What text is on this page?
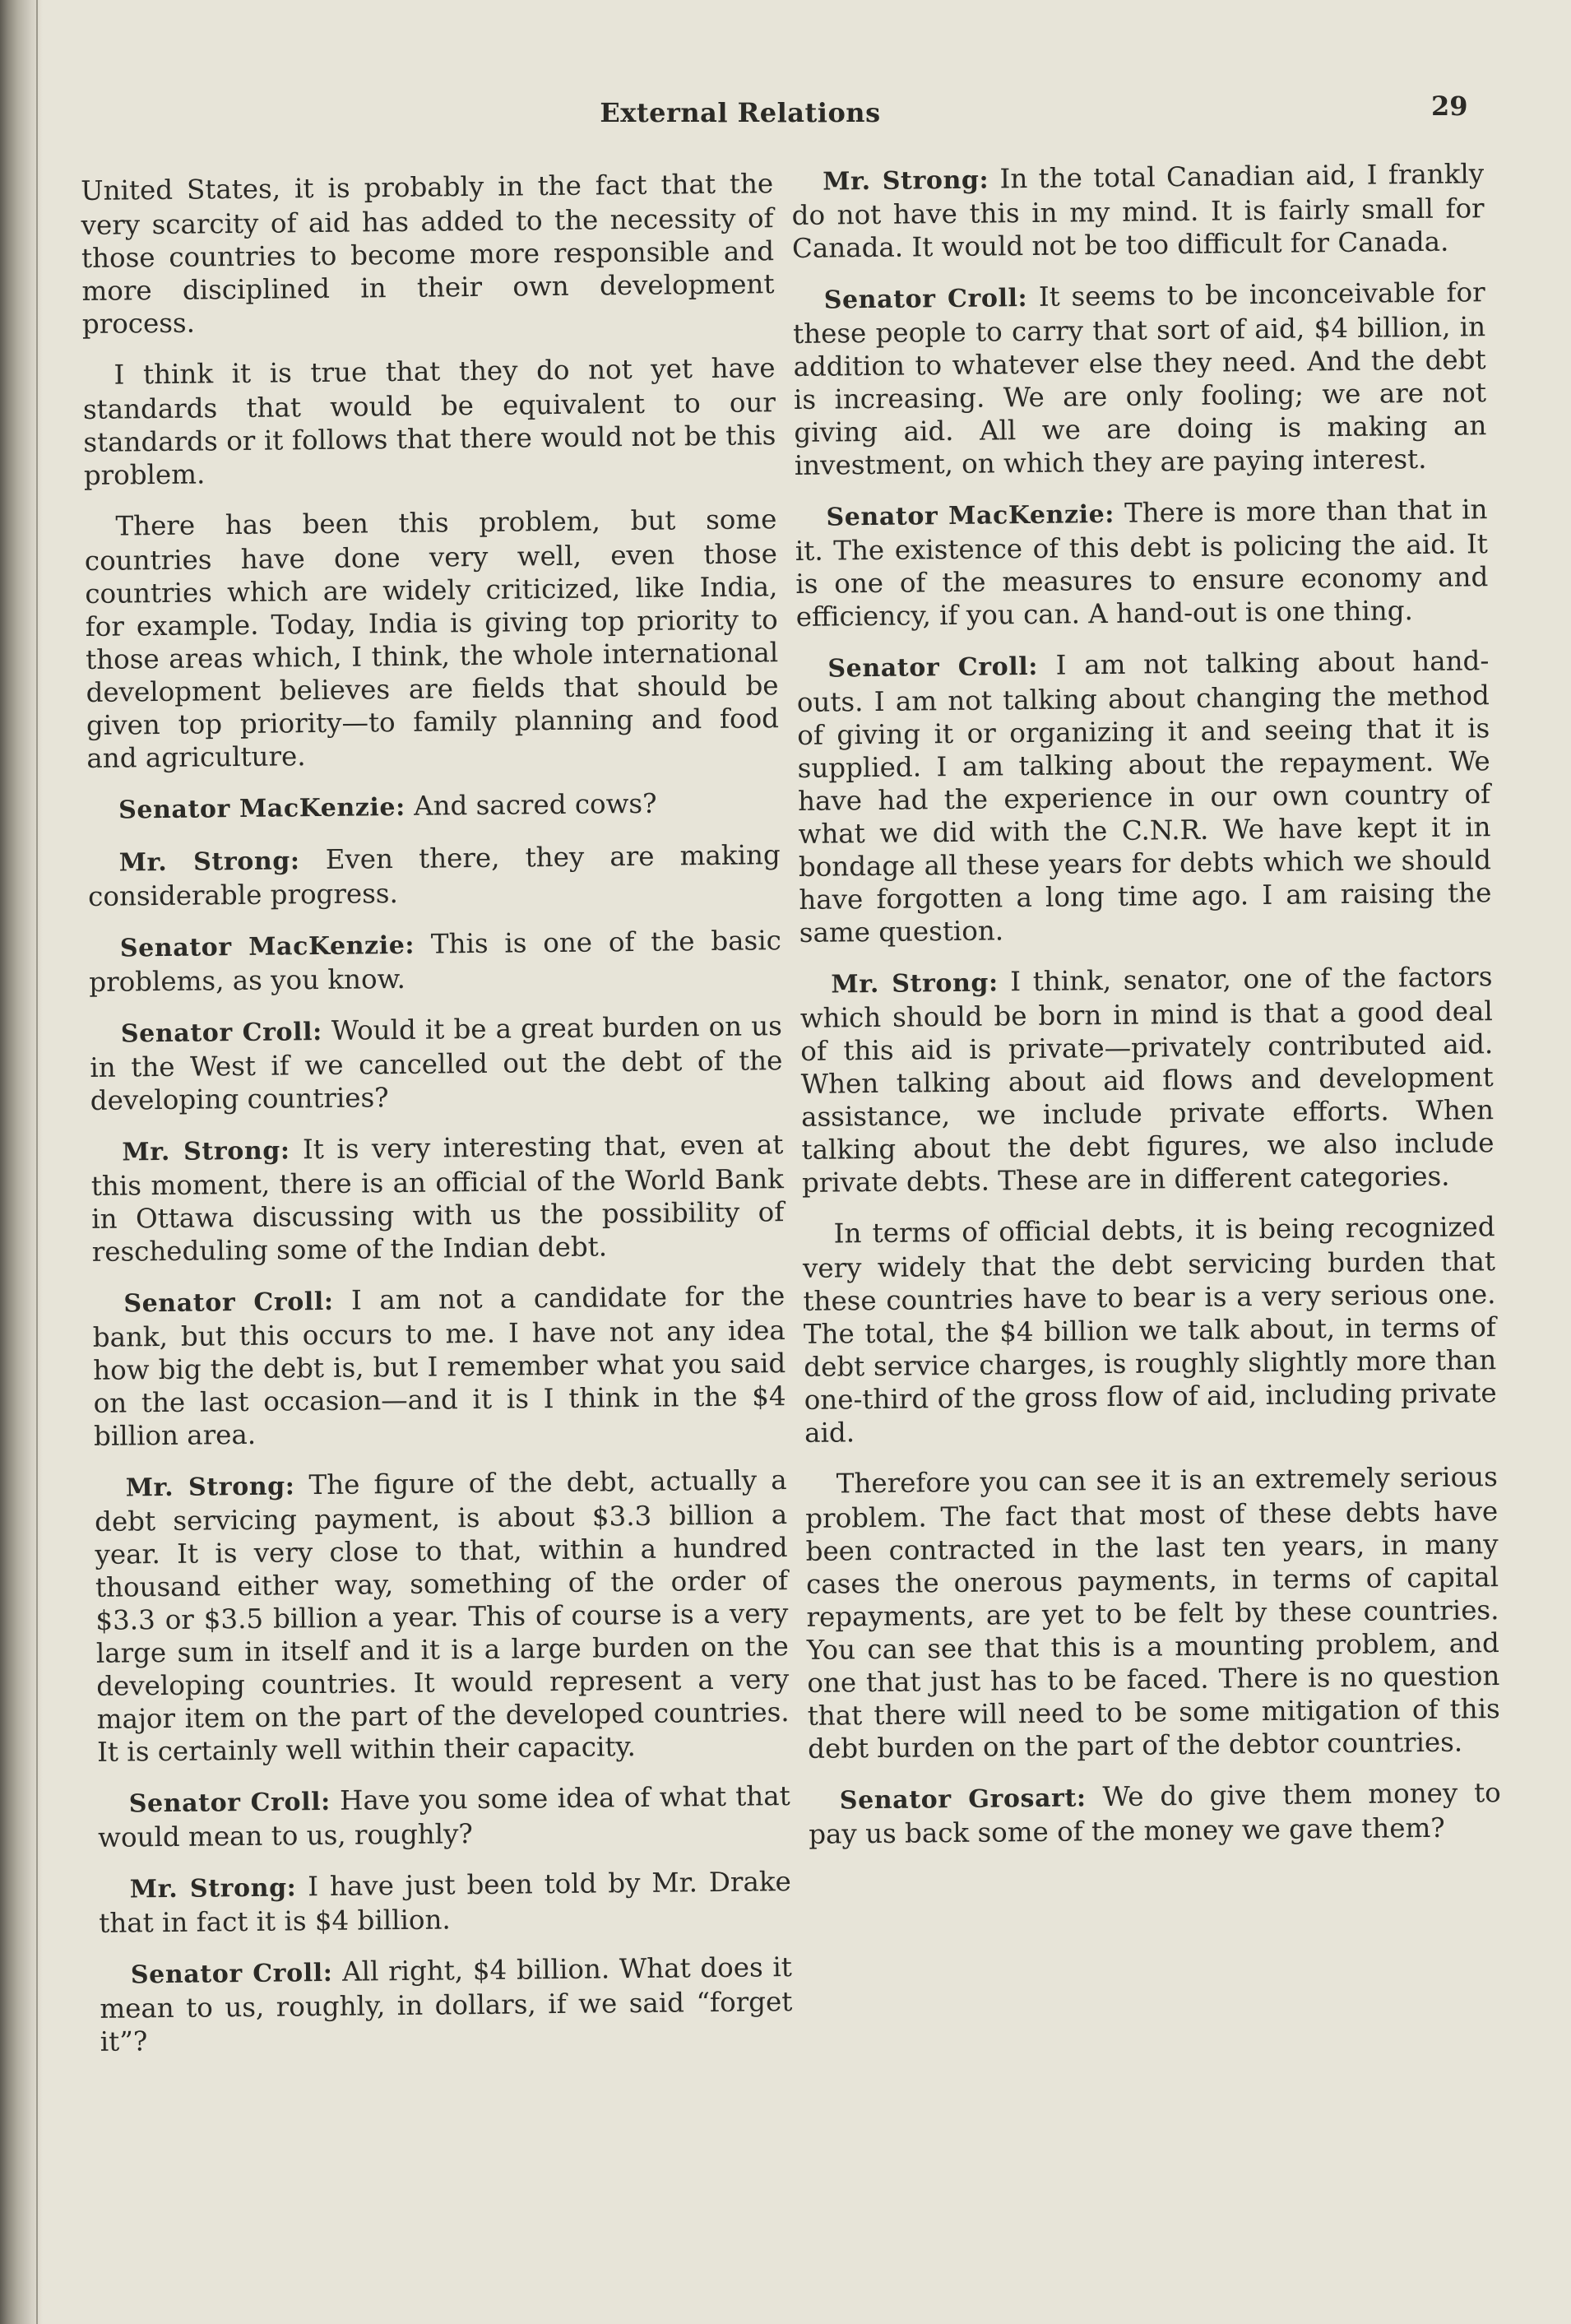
External Relations	29

United States, it is probably in the fact that the very scarcity of aid has added to the necessity of those countries to become more responsible and more disciplined in their own development process.

I think it is true that they do not yet have standards that would be equivalent to our standards or it follows that there would not be this problem.

There has been this problem, but some countries have done very well, even those countries which are widely criticized, like India, for example. Today, India is giving top priority to those areas which, I think, the whole international development believes are fields that should be given top priority—to family planning and food and agriculture.

Senator MacKenzie: And sacred cows?

Mr. Strong: Even there, they are making considerable progress.

Senator MacKenzie: This is one of the basic problems, as you know.

Senator Croll: Would it be a great burden on us in the West if we cancelled out the debt of the developing countries?

Mr. Strong: It is very interesting that, even at this moment, there is an official of the World Bank in Ottawa discussing with us the possibility of rescheduling some of the Indian debt.

Senator Croll: I am not a candidate for the bank, but this occurs to me. I have not any idea how big the debt is, but I remember what you said on the last occasion—and it is I think in the $4 billion area.

Mr. Strong: The figure of the debt, actually a debt servicing payment, is about $3.3 billion a year. It is very close to that, within a hundred thousand either way, something of the order of $3.3 or $3.5 billion a year. This of course is a very large sum in itself and it is a large burden on the developing countries. It would represent a very major item on the part of the developed countries. It is certainly well within their capacity.

Senator Croll: Have you some idea of what that would mean to us, roughly?

Mr. Strong: I have just been told by Mr. Drake that in fact it is $4 billion.

Senator Croll: All right, $4 billion. What does it mean to us, roughly, in dollars, if we said “forget it”?

Mr. Strong: In the total Canadian aid, I frankly do not have this in my mind. It is fairly small for Canada. It would not be too difficult for Canada.

Senator Croll: It seems to be inconceivable for these people to carry that sort of aid, $4 billion, in addition to whatever else they need. And the debt is increasing. We are only fooling; we are not giving aid. All we are doing is making an investment, on which they are paying interest.

Senator MacKenzie: There is more than that in it. The existence of this debt is policing the aid. It is one of the measures to ensure economy and efficiency, if you can. A hand-out is one thing.

Senator Croll: I am not talking about hand-outs. I am not talking about changing the method of giving it or organizing it and seeing that it is supplied. I am talking about the repayment. We have had the experience in our own country of what we did with the C.N.R. We have kept it in bondage all these years for debts which we should have forgotten a long time ago. I am raising the same question.

Mr. Strong: I think, senator, one of the factors which should be born in mind is that a good deal of this aid is private—privately contributed aid. When talking about aid flows and development assistance, we include private efforts. When talking about the debt figures, we also include private debts. These are in different categories.

In terms of official debts, it is being recognized very widely that the debt servicing burden that these countries have to bear is a very serious one. The total, the $4 billion we talk about, in terms of debt service charges, is roughly slightly more than one-third of the gross flow of aid, including private aid.

Therefore you can see it is an extremely serious problem. The fact that most of these debts have been contracted in the last ten years, in many cases the onerous payments, in terms of capital repayments, are yet to be felt by these countries. You can see that this is a mounting problem, and one that just has to be faced. There is no question that there will need to be some mitigation of this debt burden on the part of the debtor countries.

Senator Grosart: We do give them money to pay us back some of the money we gave them?
